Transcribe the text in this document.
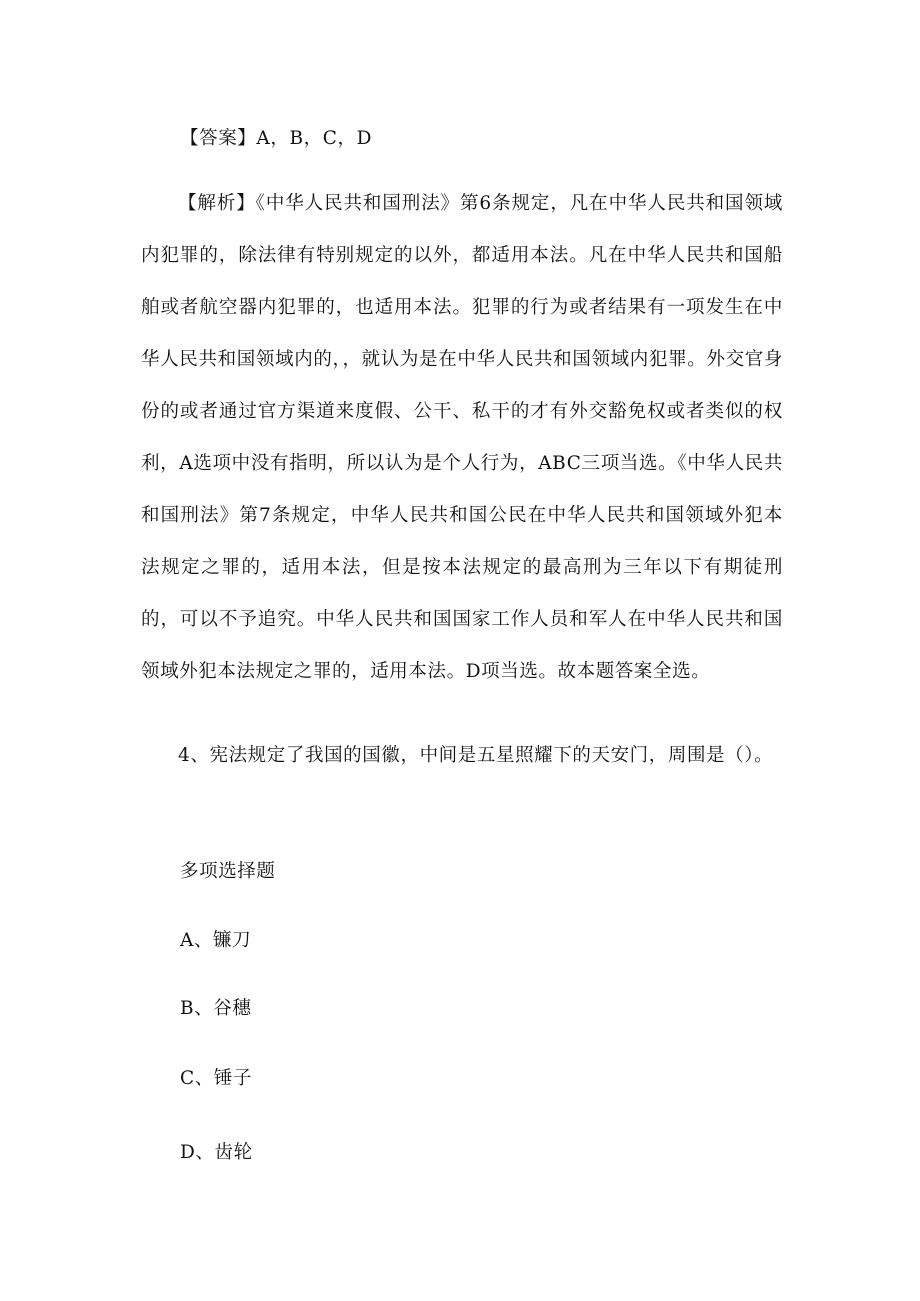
【答案】A，B，C，D

【解析】《中华人民共和国刑法》第6条规定，凡在中华人民共和国领域内犯罪的，除法律有特别规定的以外，都适用本法。凡在中华人民共和国船舶或者航空器内犯罪的，也适用本法。犯罪的行为或者结果有一项发生在中华人民共和国领域内的，，就认为是在中华人民共和国领域内犯罪。外交官身份的或者通过官方渠道来度假、公干、私干的才有外交豁免权或者类似的权利，A选项中没有指明，所以认为是个人行为，ABC三项当选。《中华人民共和国刑法》第7条规定，中华人民共和国公民在中华人民共和国领域外犯本法规定之罪的，适用本法，但是按本法规定的最高刑为三年以下有期徒刑的，可以不予追究。中华人民共和国国家工作人员和军人在中华人民共和国领域外犯本法规定之罪的，适用本法。D项当选。故本题答案全选。

4、宪法规定了我国的国徽，中间是五星照耀下的天安门，周围是（）。

多项选择题

A、镰刀

B、谷穗

C、锤子

D、齿轮
